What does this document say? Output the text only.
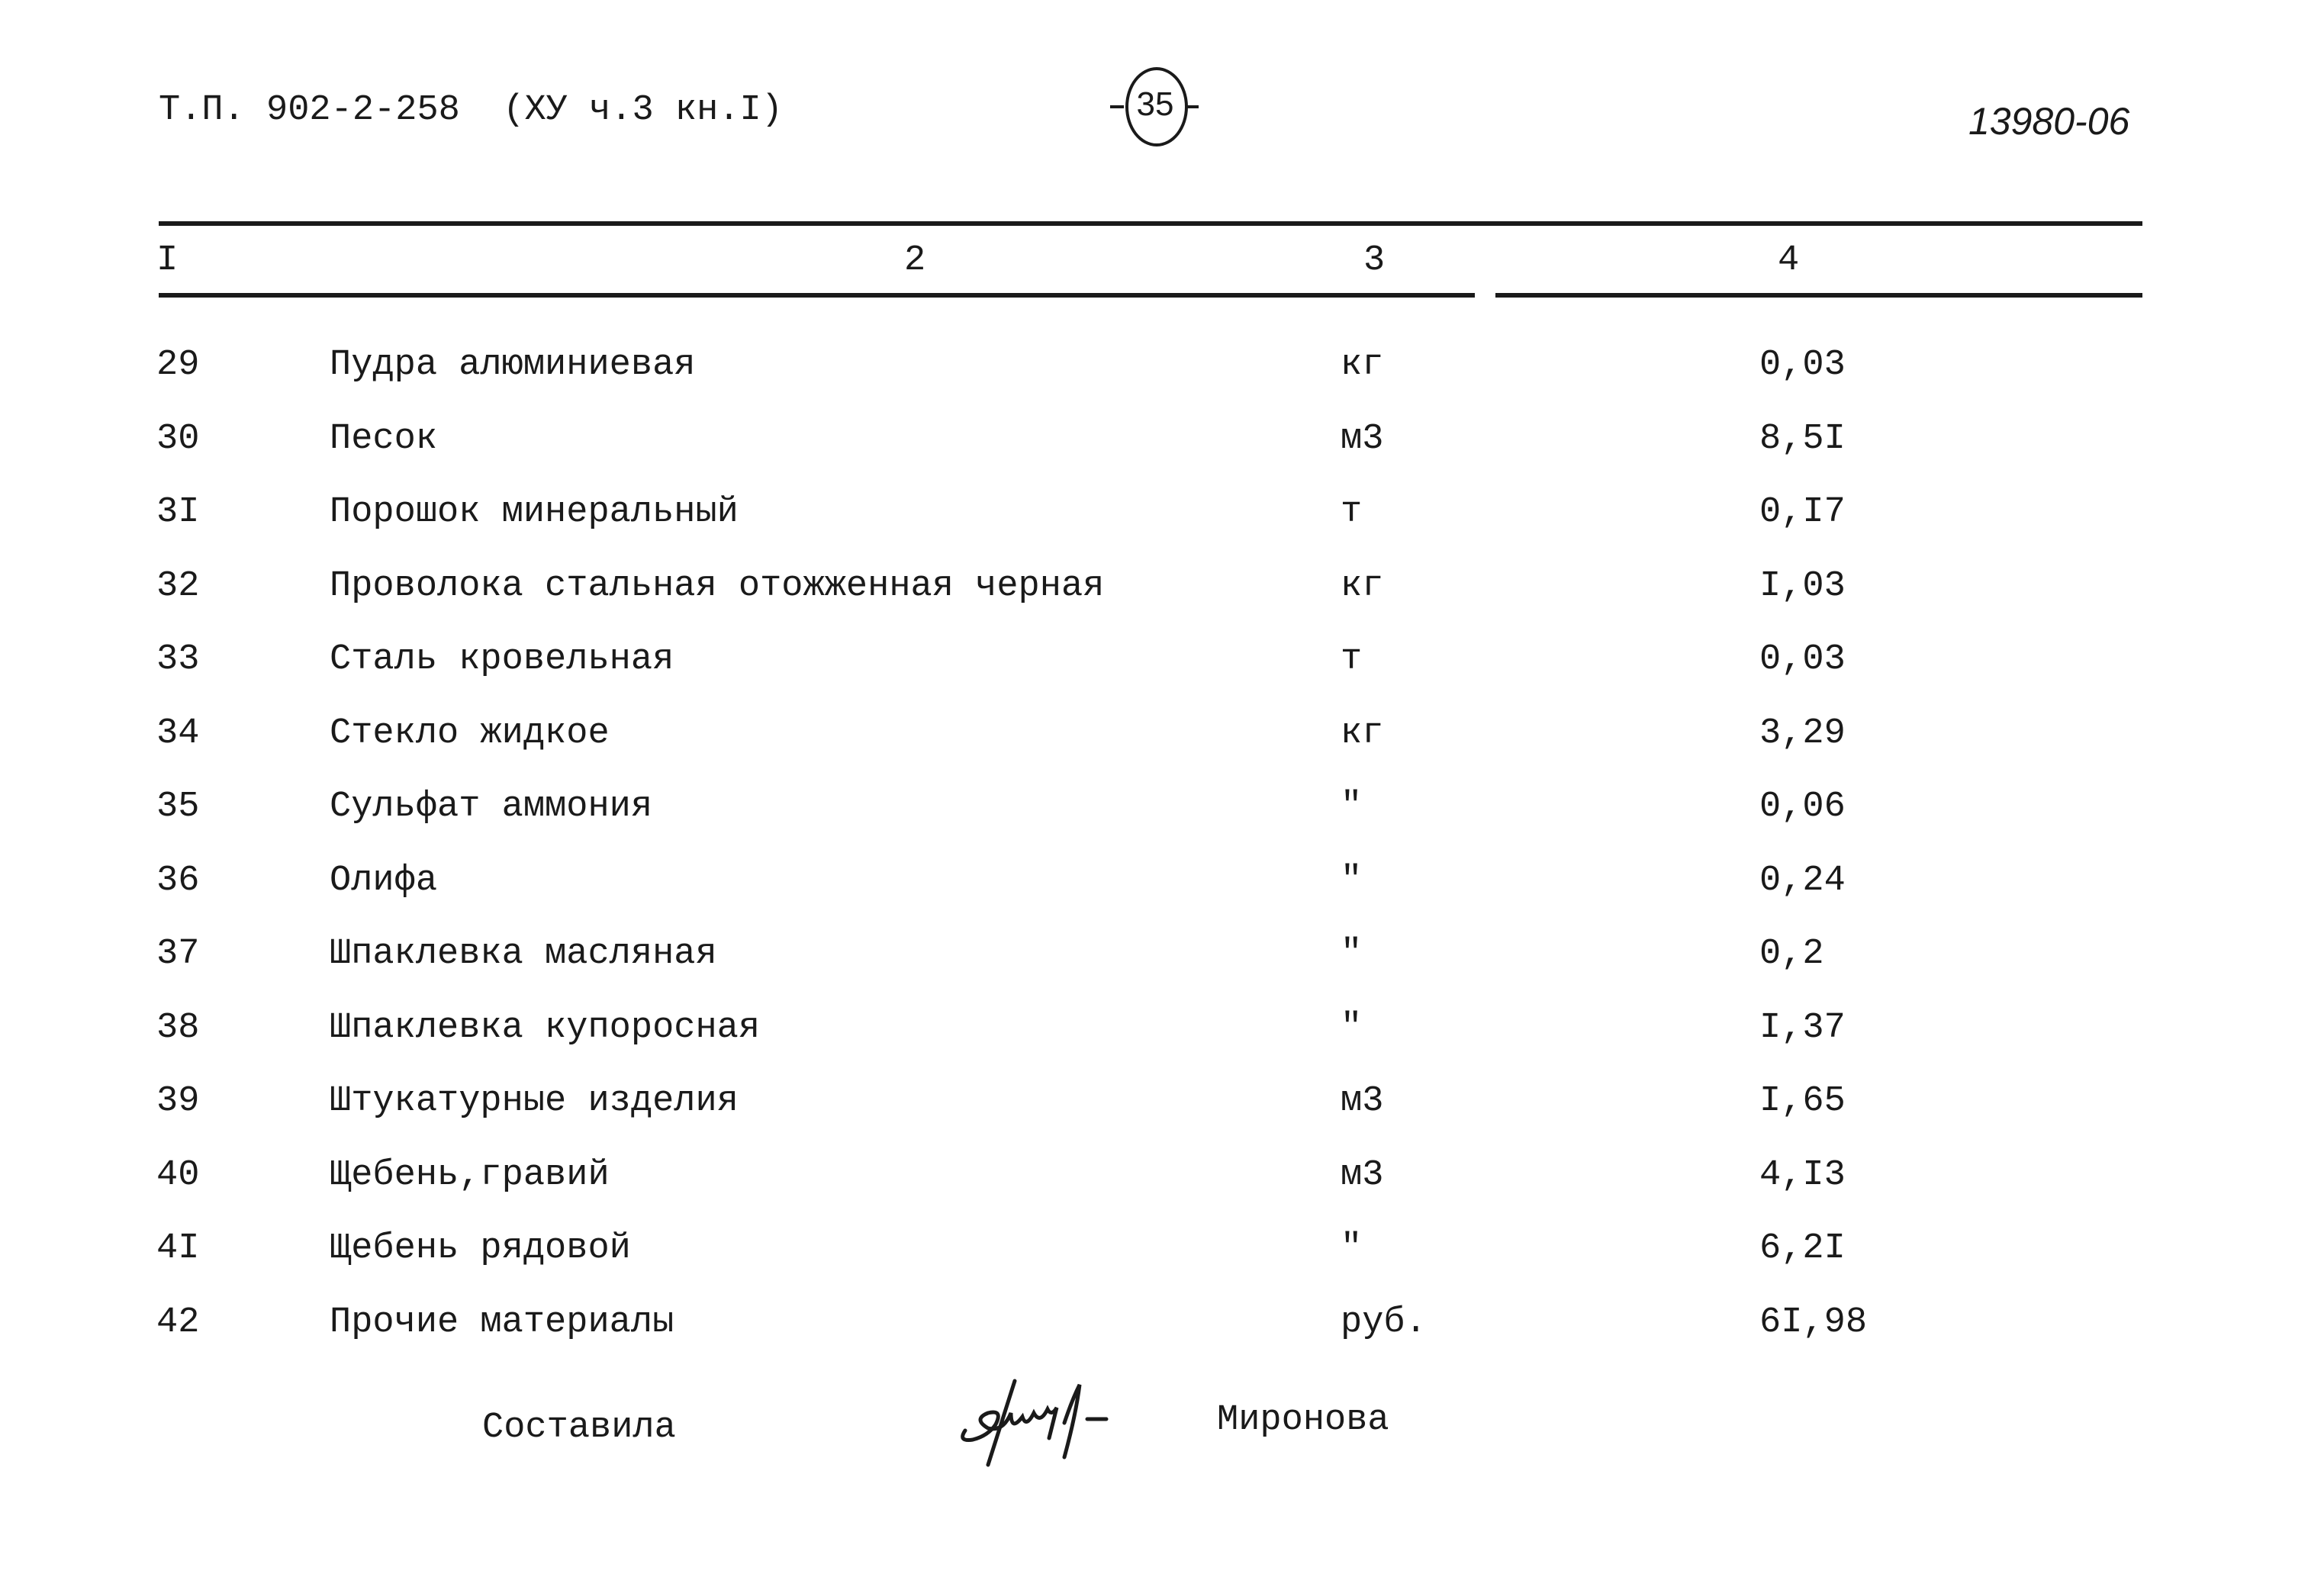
Т.П. 902-2-258  (ХУ ч.3 кн.I)

	35

	13980-06
I	2	3	4
29	Пудра алюминиевая	кг	0,03
30	Песок	м3	8,5I
3I	Порошок минеральный	т	0,I7
32	Проволока стальная отожженная черная	кг	I,03
33	Сталь кровельная	т	0,03
34	Стекло жидкое	кг	3,29
35	Сульфат аммония	"	0,06
36	Олифа	"	0,24
37	Шпаклевка масляная	"	0,2
38	Шпаклевка купоросная	"	I,37
39	Штукатурные изделия	м3	I,65
40	Щебень,гравий	м3	4,I3
4I	Щебень рядовой	"	6,2I
42	Прочие материалы	руб.	6I,98
Составила	Миронова
